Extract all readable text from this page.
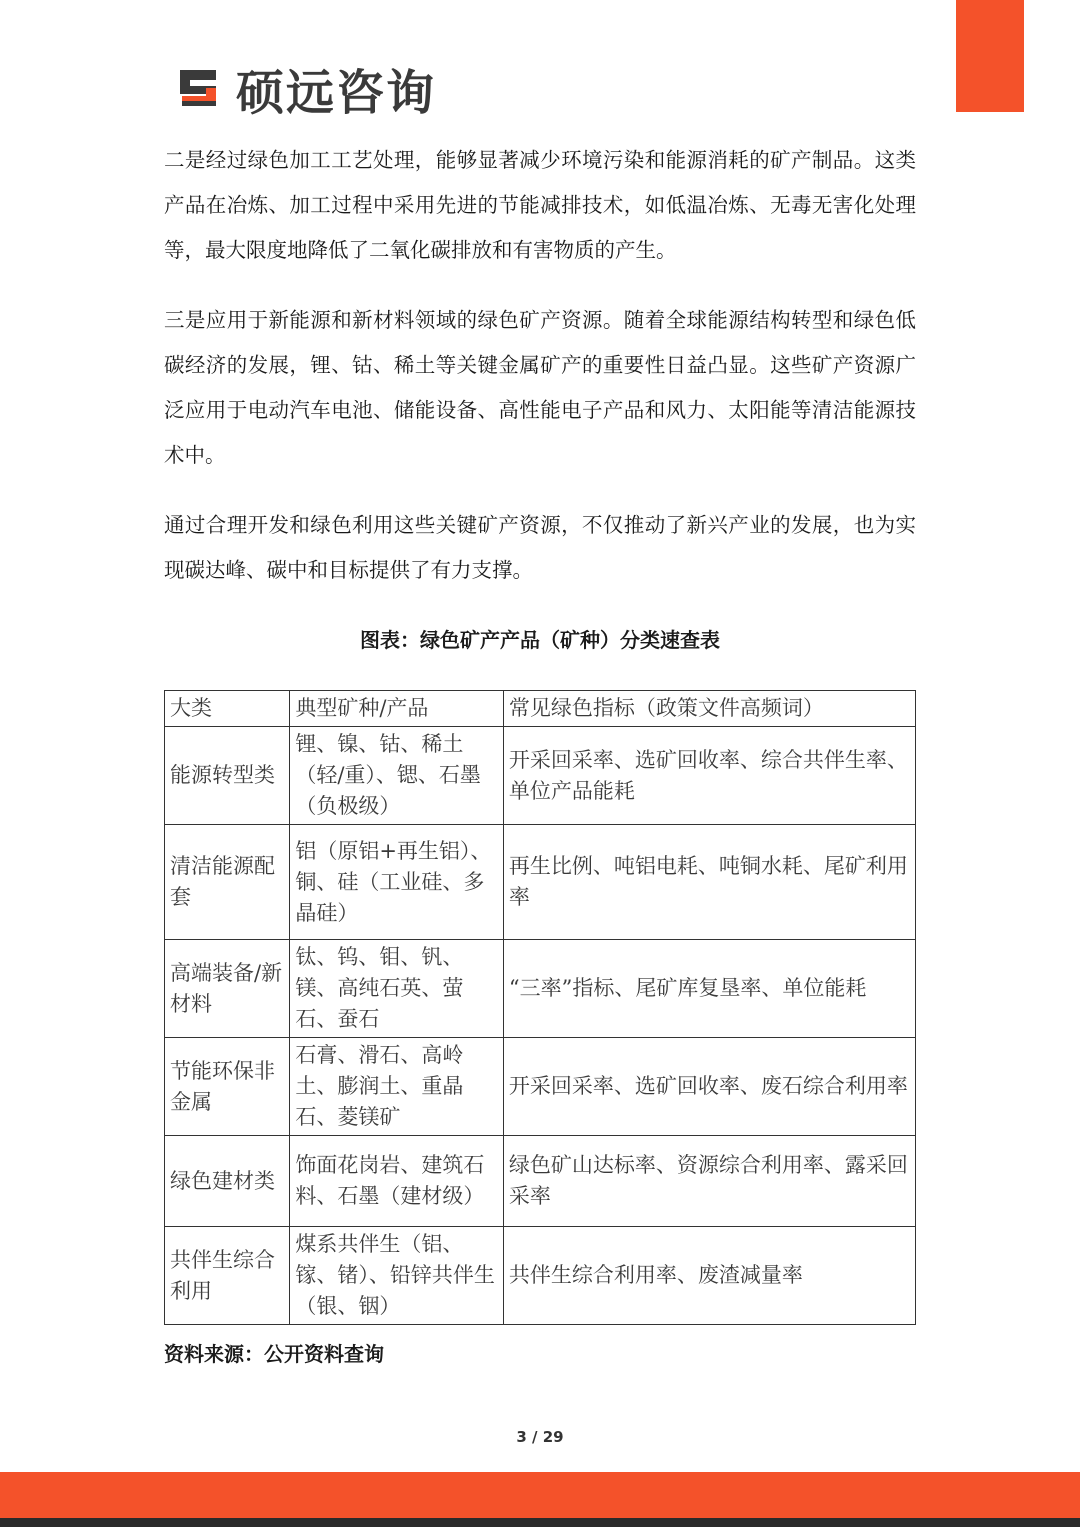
硕远咨询

二是经过绿色加工工艺处理，能够显著减少环境污染和能源消耗的矿产制品。这类产品在冶炼、加工过程中采用先进的节能减排技术，如低温冶炼、无毒无害化处理等，最大限度地降低了二氧化碳排放和有害物质的产生。

三是应用于新能源和新材料领域的绿色矿产资源。随着全球能源结构转型和绿色低碳经济的发展，锂、钴、稀土等关键金属矿产的重要性日益凸显。这些矿产资源广泛应用于电动汽车电池、储能设备、高性能电子产品和风力、太阳能等清洁能源技术中。

通过合理开发和绿色利用这些关键矿产资源，不仅推动了新兴产业的发展，也为实现碳达峰、碳中和目标提供了有力支撑。

图表：绿色矿产产品（矿种）分类速查表
大类	典型矿种/产品	常见绿色指标（政策文件高频词）
能源转型类	锂、镍、钴、稀土（轻/重）、锶、石墨（负极级）	开采回采率、选矿回收率、综合共伴生率、单位产品能耗
清洁能源配套	铝（原铝+再生铝）、铜、硅（工业硅、多晶硅）	再生比例、吨铝电耗、吨铜水耗、尾矿利用率
高端装备/新材料	钛、钨、钼、钒、镁、高纯石英、萤石、蚕石	“三率”指标、尾矿库复垦率、单位能耗
节能环保非金属	石膏、滑石、高岭土、膨润土、重晶石、菱镁矿	开采回采率、选矿回收率、废石综合利用率
绿色建材类	饰面花岗岩、建筑石料、石墨（建材级）	绿色矿山达标率、资源综合利用率、露采回采率
共伴生综合利用	煤系共伴生（铝、镓、锗）、铅锌共伴生（银、铟）	共伴生综合利用率、废渣减量率
资料来源：公开资料查询
3 / 29
